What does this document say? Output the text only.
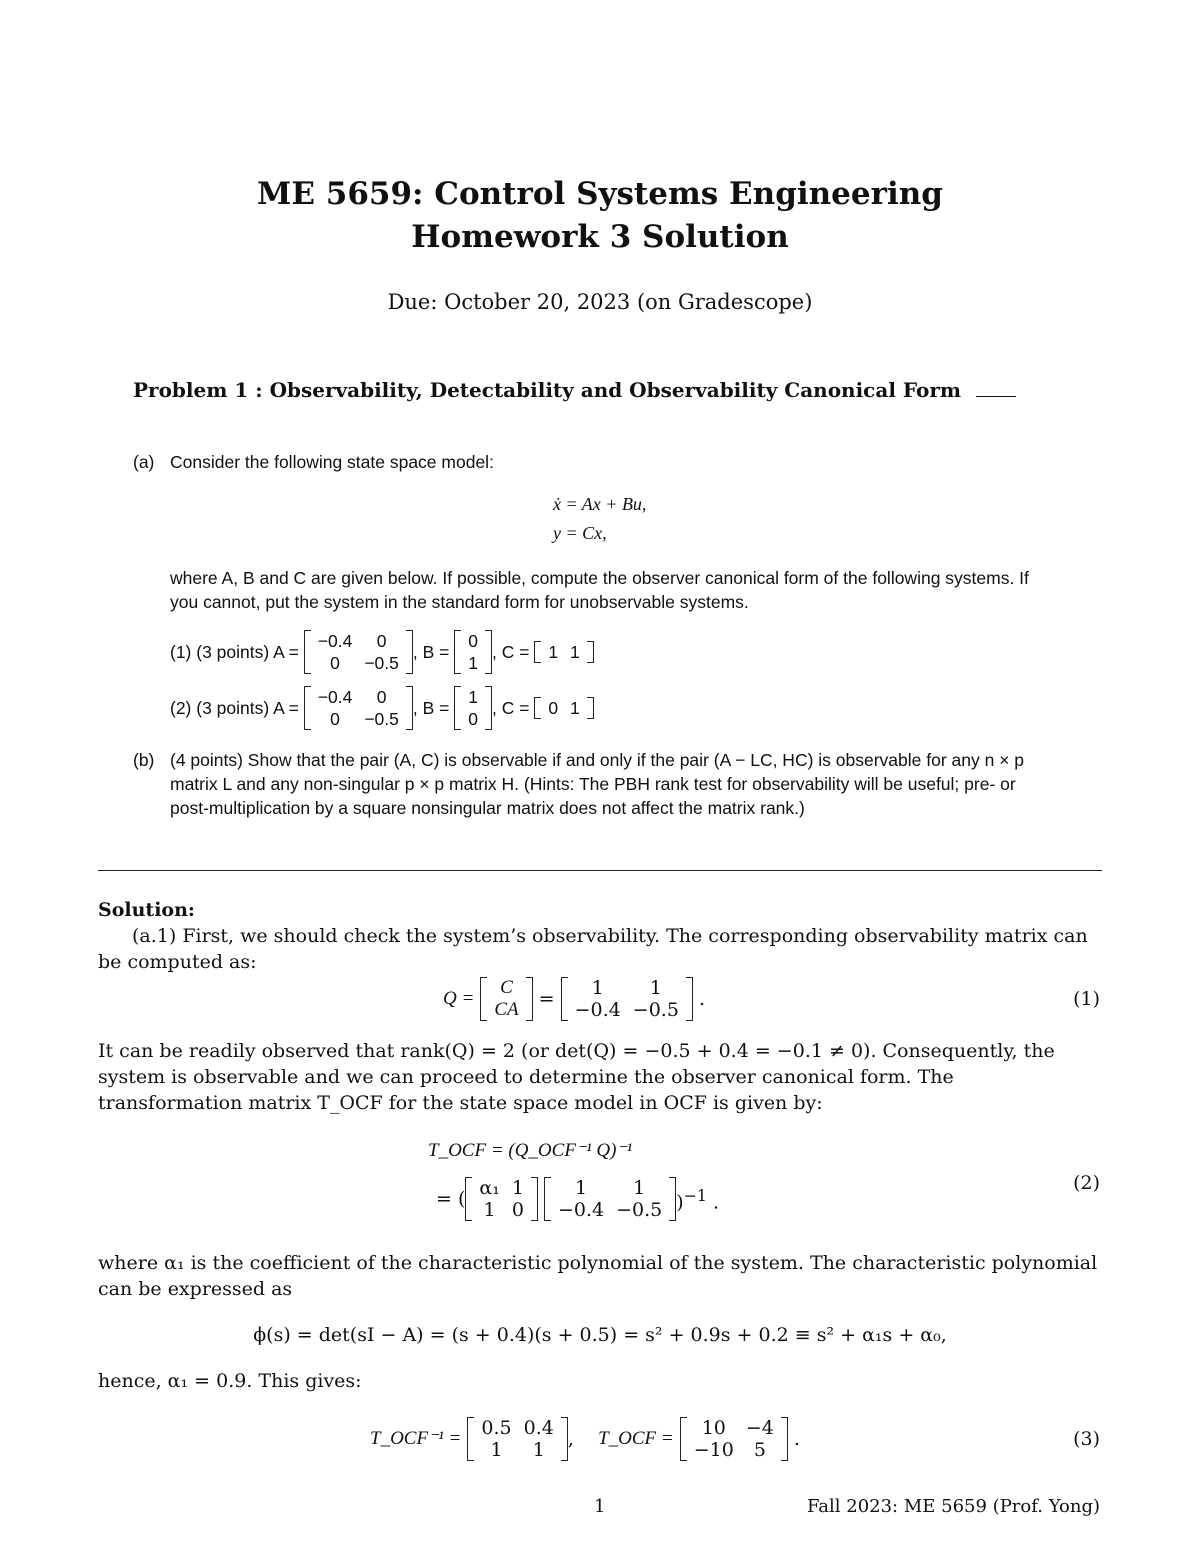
ME 5659: Control Systems Engineering
Homework 3 Solution
Due: October 20, 2023 (on Gradescope)
Problem 1 : Observability, Detectability and Observability Canonical Form
(a) Consider the following state space model:
ẋ = Ax + Bu,
y = Cx,
where A, B and C are given below. If possible, compute the observer canonical form of the following systems. If you cannot, put the system in the standard form for unobservable systems.
(1) (3 points) A =

−0.4	0
0	−0.5
, B =

0
1
, C =
1	1
(2) (3 points) A =

−0.4	0
0	−0.5
, B =

1
0
, C =
0	1
(b) (4 points) Show that the pair (A, C) is observable if and only if the pair (A − LC, HC) is observable for any n × p matrix L and any non-singular p × p matrix H. (Hints: The PBH rank test for observability will be useful; pre- or post-multiplication by a square nonsingular matrix does not affect the matrix rank.)
Solution:
(a.1) First, we should check the system’s observability. The corresponding observability matrix can be computed as:
Q =

C
CA
=
1	1
−0.4	−0.5 .	(1)
It can be readily observed that rank(Q) = 2 (or det(Q) = −0.5 + 0.4 = −0.1 ≠ 0). Consequently, the system is observable and we can proceed to determine the observer canonical form. The transformation matrix T_OCF for the state space model in OCF is given by:
T_OCF = (Q_OCF⁻¹ Q)⁻¹
= ( α₁	1
1	0

1	1
−0.4	−0.5 )$^{-1}$ .
(2)
where α₁ is the coefficient of the characteristic polynomial of the system. The characteristic polynomial can be expressed as
ϕ(s) = det(sI − A) = (s + 0.4)(s + 0.5) = s² + 0.9s + 0.2 ≡ s² + α₁s + α₀,
hence, α₁ = 0.9. This gives:
T_OCF⁻¹ =
0.5	0.4
1	1 , T_OCF =
10	−4
−10	5 .	(3)
1	Fall 2023: ME 5659 (Prof. Yong)
